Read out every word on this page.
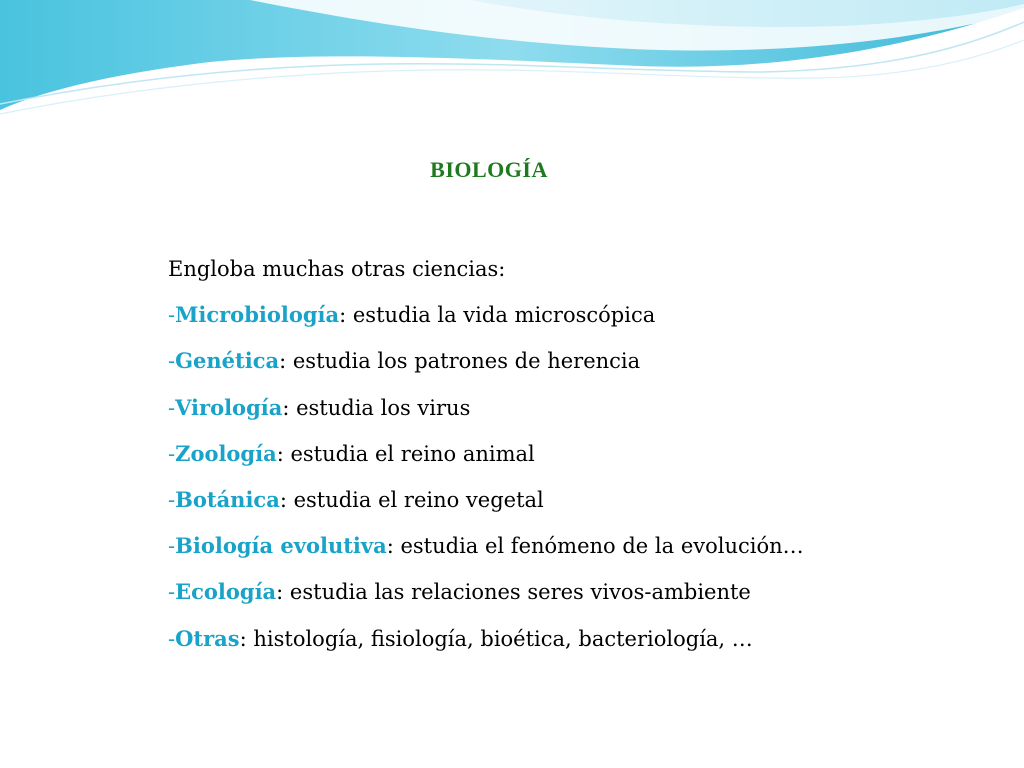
BIOLOGÍA
Engloba muchas otras ciencias:
-Microbiología: estudia la vida microscópica
-Genética: estudia los patrones de herencia
-Virología: estudia los virus
-Zoología: estudia el reino animal
-Botánica: estudia el reino vegetal
-Biología evolutiva: estudia el fenómeno de la evolución…
-Ecología: estudia las relaciones seres vivos-ambiente
-Otras: histología, fisiología, bioética, bacteriología, …
